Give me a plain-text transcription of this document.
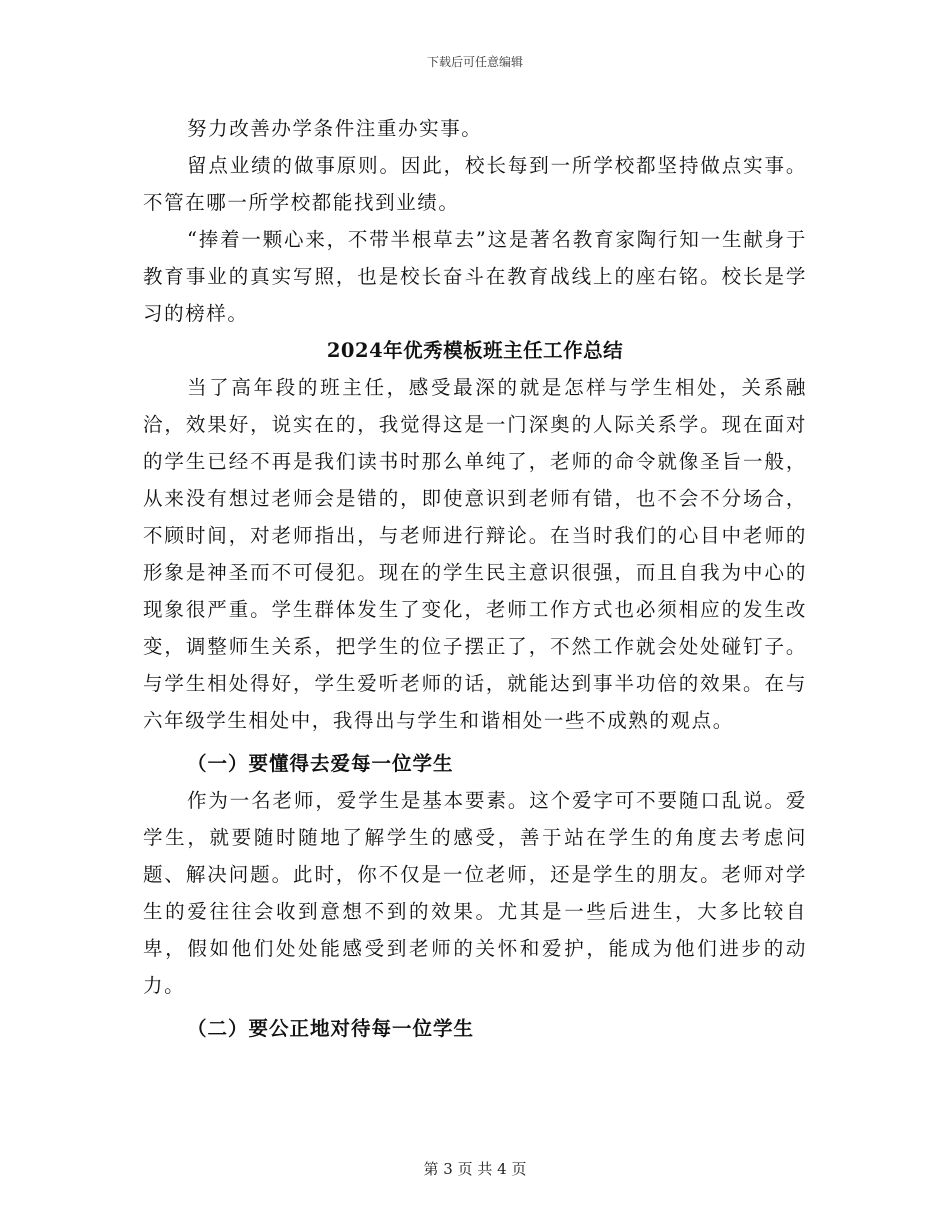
下载后可任意编辑

努力改善办学条件注重办实事。

留点业绩的做事原则。因此，校长每到一所学校都坚持做点实事。不管在哪一所学校都能找到业绩。

“捧着一颗心来，不带半根草去”这是著名教育家陶行知一生献身于教育事业的真实写照，也是校长奋斗在教育战线上的座右铭。校长是学习的榜样。

2024年优秀模板班主任工作总结

当了高年段的班主任，感受最深的就是怎样与学生相处，关系融洽，效果好，说实在的，我觉得这是一门深奥的人际关系学。现在面对的学生已经不再是我们读书时那么单纯了，老师的命令就像圣旨一般，从来没有想过老师会是错的，即使意识到老师有错，也不会不分场合，不顾时间，对老师指出，与老师进行辩论。在当时我们的心目中老师的形象是神圣而不可侵犯。现在的学生民主意识很强，而且自我为中心的现象很严重。学生群体发生了变化，老师工作方式也必须相应的发生改变，调整师生关系，把学生的位子摆正了，不然工作就会处处碰钉子。与学生相处得好，学生爱听老师的话，就能达到事半功倍的效果。在与六年级学生相处中，我得出与学生和谐相处一些不成熟的观点。

（一）要懂得去爱每一位学生

作为一名老师，爱学生是基本要素。这个爱字可不要随口乱说。爱学生，就要随时随地了解学生的感受，善于站在学生的角度去考虑问题、解决问题。此时，你不仅是一位老师，还是学生的朋友。老师对学生的爱往往会收到意想不到的效果。尤其是一些后进生，大多比较自卑，假如他们处处能感受到老师的关怀和爱护，能成为他们进步的动力。

（二）要公正地对待每一位学生
第 3 页 共 4 页
